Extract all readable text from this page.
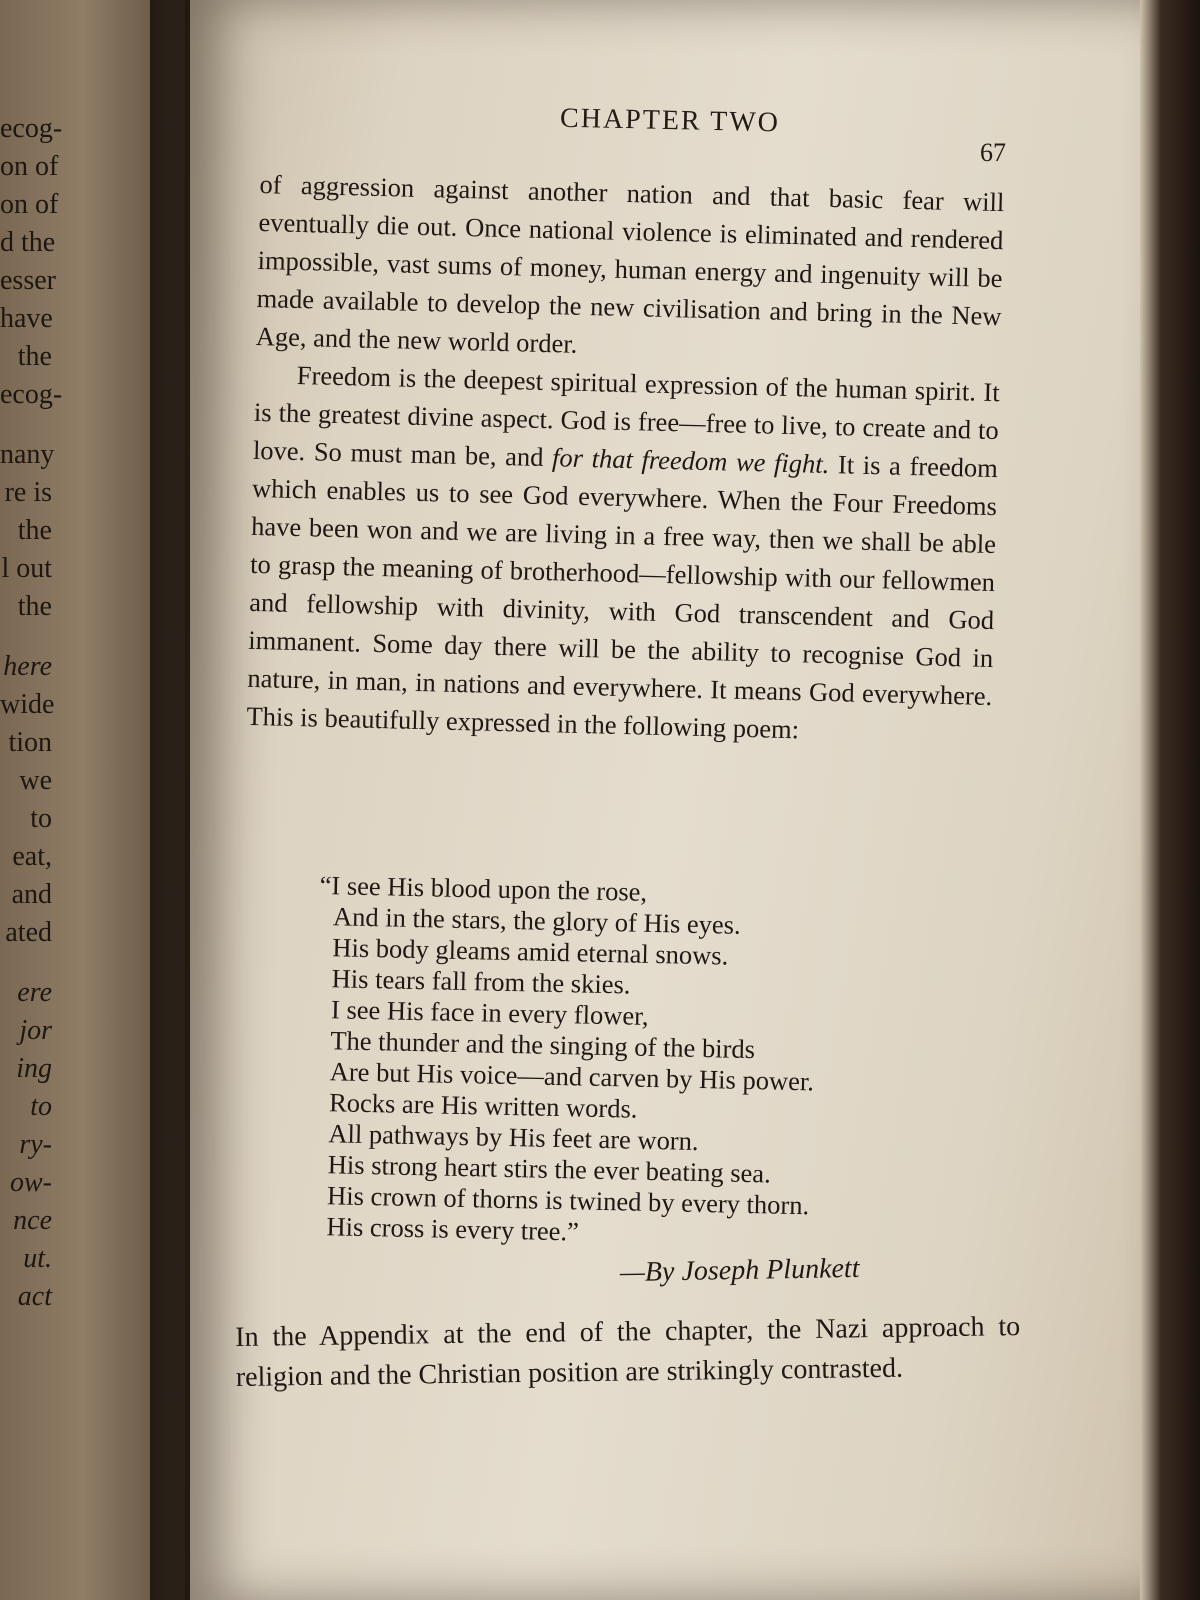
ecog-
on of
on of
d the
esser
have
the
ecog-
nany
re is
the
l out
the
here
wide
tion
we
to
eat,
and
ated
ere
jor
ing
to
ry-
ow-
nce
ut.
act
CHAPTER TWO
67

of aggression against another nation and that basic fear will eventually die out. Once national violence is eliminated and rendered impossible, vast sums of money, human energy and ingenuity will be made available to develop the new civilisation and bring in the New Age, and the new world order.

Freedom is the deepest spiritual expression of the human spirit. It is the greatest divine aspect. God is free—free to live, to create and to love. So must man be, and for that freedom we fight. It is a freedom which enables us to see God everywhere. When the Four Freedoms have been won and we are living in a free way, then we shall be able to grasp the meaning of brotherhood—fellowship with our fellowmen and fellowship with divinity, with God transcendent and God immanent. Some day there will be the ability to recognise God in nature, in man, in nations and everywhere. It means God everywhere. This is beautifully expressed in the following poem:

“I see His blood upon the rose,
And in the stars, the glory of His eyes.
His body gleams amid eternal snows.
His tears fall from the skies.
I see His face in every flower,
The thunder and the singing of the birds
Are but His voice—and carven by His power.
Rocks are His written words.
All pathways by His feet are worn.
His strong heart stirs the ever beating sea.
His crown of thorns is twined by every thorn.
His cross is every tree.”
—By Joseph Plunkett
In the Appendix at the end of the chapter, the Nazi approach to religion and the Christian position are strikingly contrasted.
